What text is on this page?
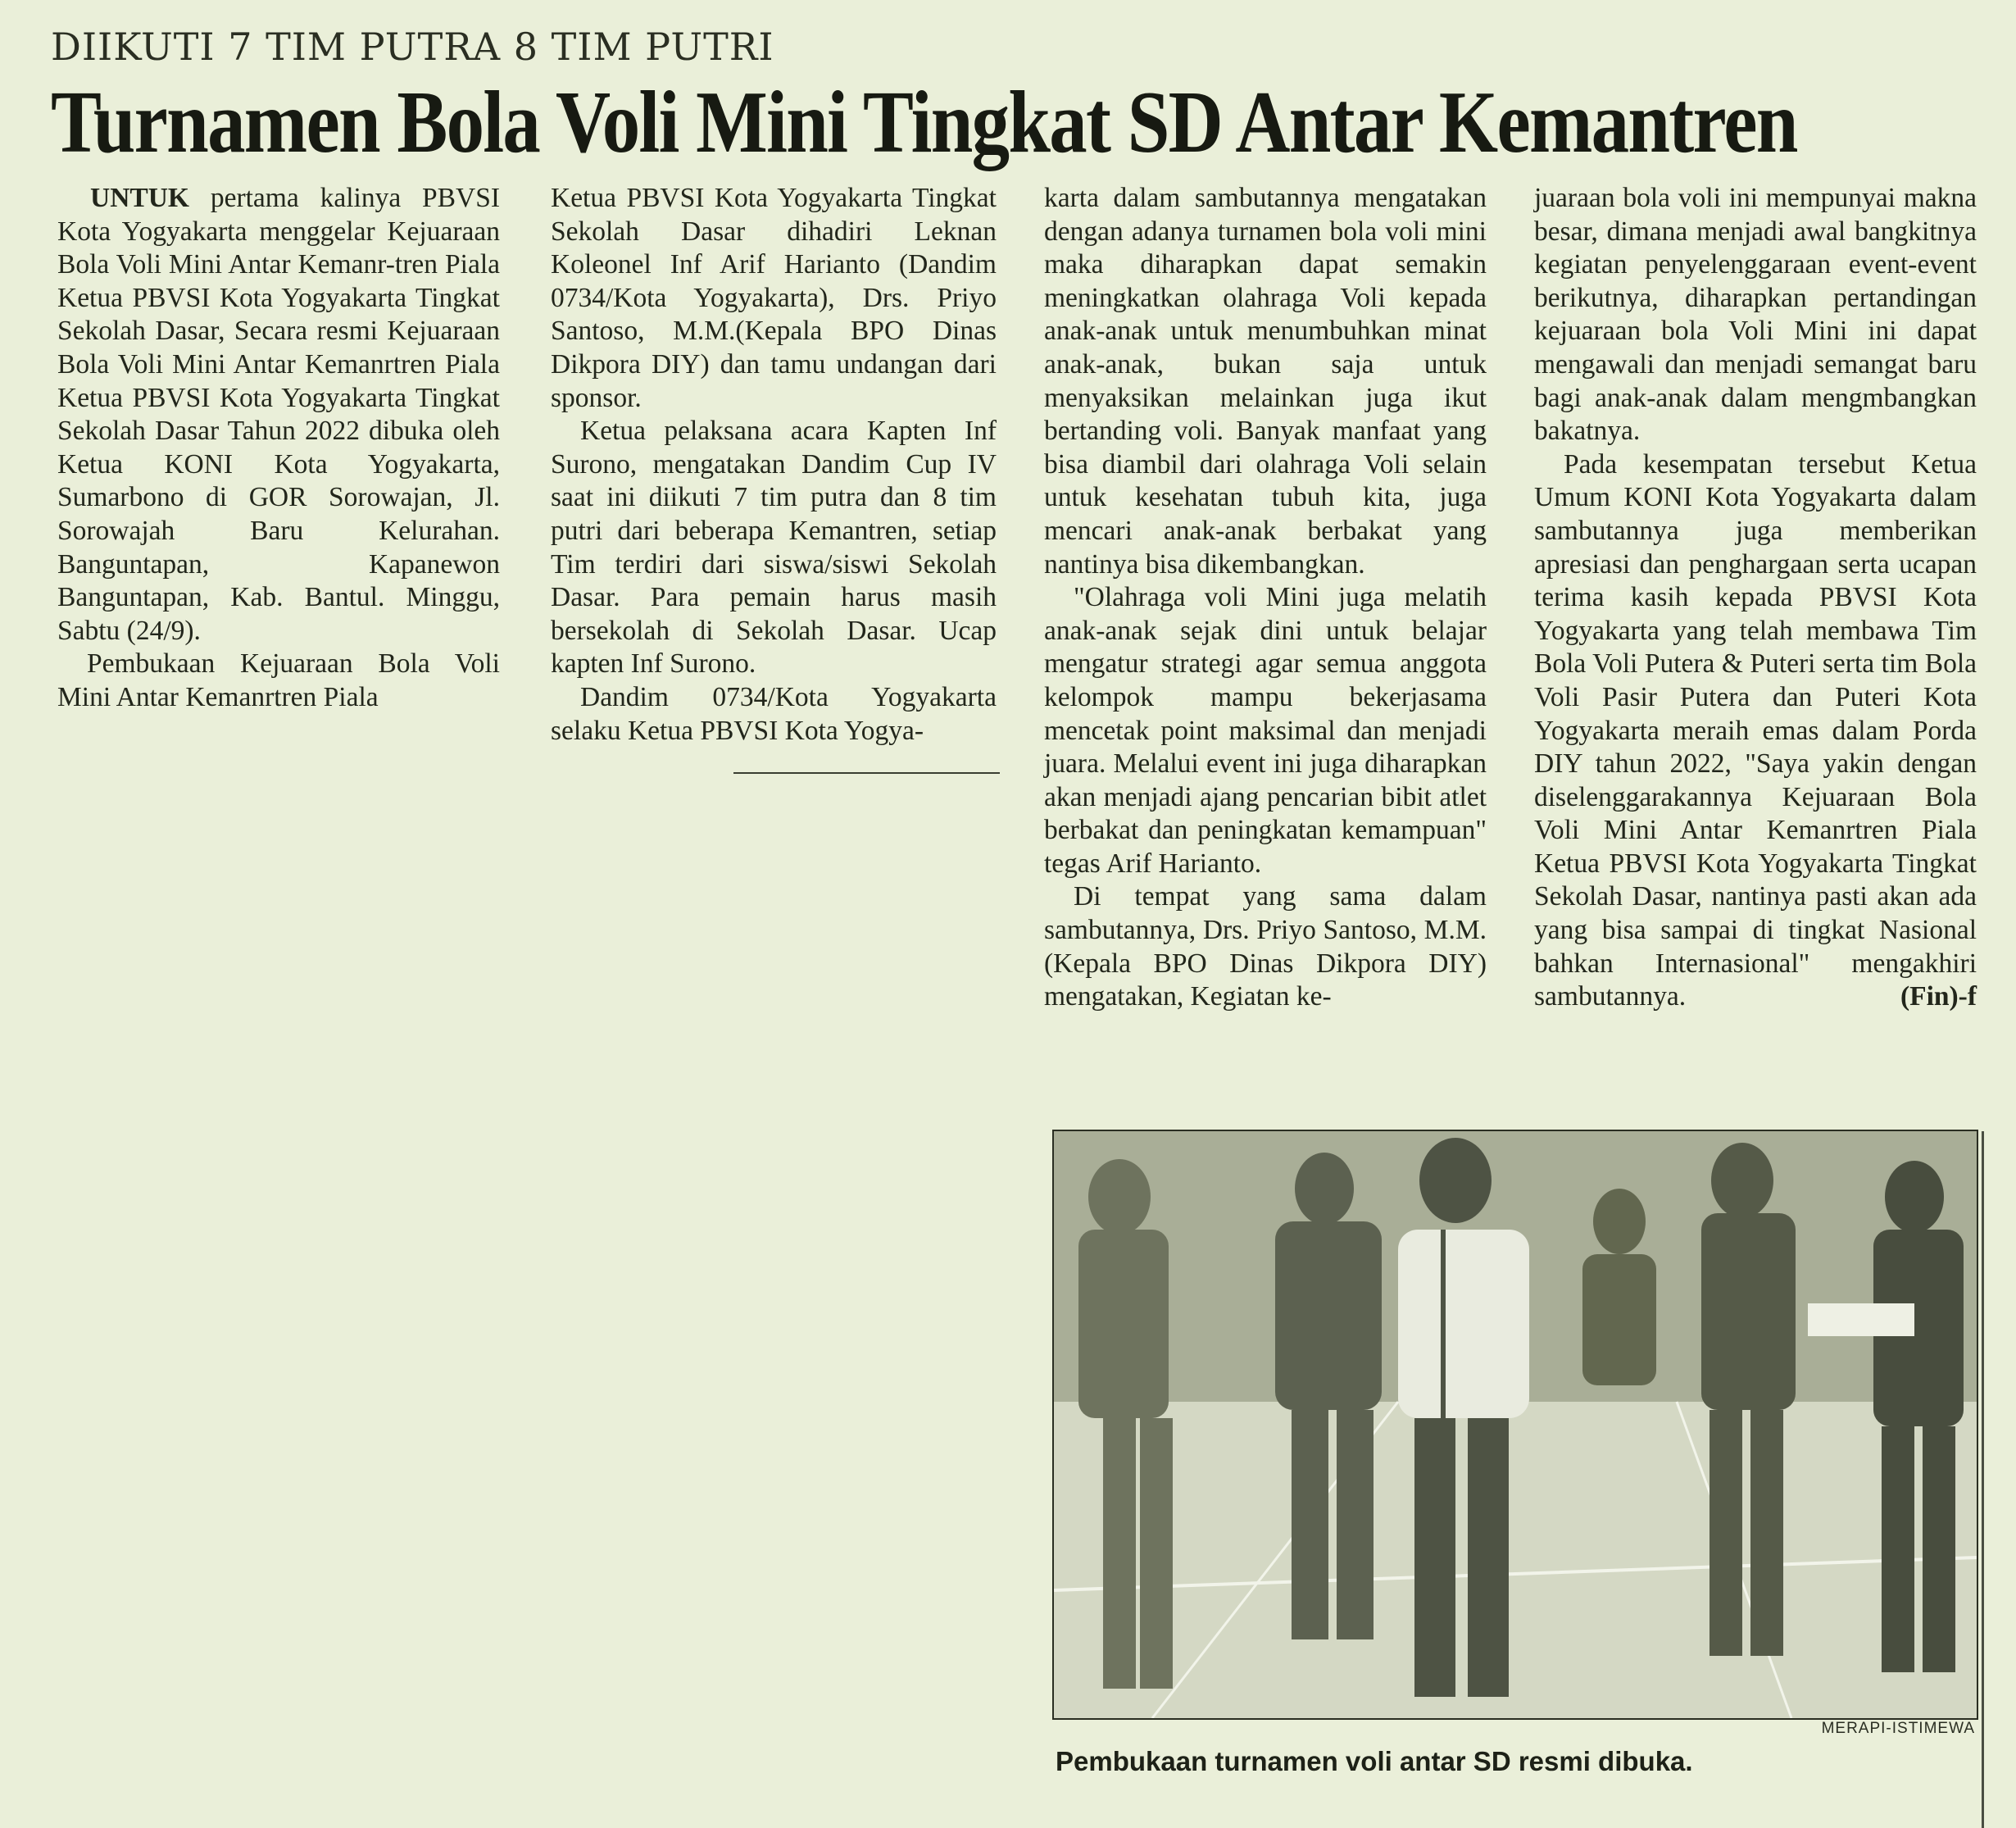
DIIKUTI 7 TIM PUTRA 8 TIM PUTRI
Turnamen Bola Voli Mini Tingkat SD Antar Kemantren

UNTUK pertama kalinya PBVSI Kota Yogyakarta menggelar Kejuaraan Bola Voli Mini Antar Kemanr-tren Piala Ketua PBVSI Kota Yogyakarta Tingkat Sekolah Dasar, Secara resmi Kejuaraan Bola Voli Mini Antar Kemanrtren Piala Ketua PBVSI Kota Yogyakarta Tingkat Sekolah Dasar Tahun 2022 dibuka oleh Ketua KONI Kota Yogyakarta, Sumarbono di GOR Sorowajan, Jl. Sorowajah Baru Kelurahan. Banguntapan, Kapanewon Banguntapan, Kab. Bantul. Minggu, Sabtu (24/9).

Pembukaan Kejuaraan Bola Voli Mini Antar Kemanrtren Piala

Ketua PBVSI Kota Yogyakarta Tingkat Sekolah Dasar dihadiri Leknan Koleonel Inf Arif Harianto (Dandim 0734/Kota Yogyakarta), Drs. Priyo Santoso, M.M.(Kepala BPO Dinas Dikpora DIY) dan tamu undangan dari sponsor.

Ketua pelaksana acara Kapten Inf Surono, mengatakan Dandim Cup IV saat ini diikuti 7 tim putra dan 8 tim putri dari beberapa Kemantren, setiap Tim terdiri dari siswa/siswi Sekolah Dasar. Para pemain harus masih bersekolah di Sekolah Dasar. Ucap kapten Inf Surono.

Dandim 0734/Kota Yogyakarta selaku Ketua PBVSI Kota Yogya-

karta dalam sambutannya mengatakan dengan adanya turnamen bola voli mini maka diharapkan dapat semakin meningkatkan olahraga Voli kepada anak-anak untuk menumbuhkan minat anak-anak, bukan saja untuk menyaksikan melainkan juga ikut bertanding voli. Banyak manfaat yang bisa diambil dari olahraga Voli selain untuk kesehatan tubuh kita, juga mencari anak-anak berbakat yang nantinya bisa dikembangkan.

"Olahraga voli Mini juga melatih anak-anak sejak dini untuk belajar mengatur strategi agar semua anggota kelompok mampu bekerjasama mencetak point maksimal dan menjadi juara. Melalui event ini juga diharapkan akan menjadi ajang pencarian bibit atlet berbakat dan peningkatan kemampuan" tegas Arif Harianto.

Di tempat yang sama dalam sambutannya, Drs. Priyo Santoso, M.M.(Kepala BPO Dinas Dikpora DIY) mengatakan, Kegiatan ke-

juaraan bola voli ini mempunyai makna besar, dimana menjadi awal bangkitnya kegiatan penyelenggaraan event-event berikutnya, diharapkan pertandingan kejuaraan bola Voli Mini ini dapat mengawali dan menjadi semangat baru bagi anak-anak dalam mengmbangkan bakatnya.

Pada kesempatan tersebut Ketua Umum KONI Kota Yogyakarta dalam sambutannya juga memberikan apresiasi dan penghargaan serta ucapan terima kasih kepada PBVSI Kota Yogyakarta yang telah membawa Tim Bola Voli Putera & Puteri serta tim Bola Voli Pasir Putera dan Puteri Kota Yogyakarta meraih emas dalam Porda DIY tahun 2022, "Saya yakin dengan diselenggarakannya Kejuaraan Bola Voli Mini Antar Kemanrtren Piala Ketua PBVSI Kota Yogyakarta Tingkat Sekolah Dasar, nantinya pasti akan ada yang bisa sampai di tingkat Nasional bahkan Internasional" mengakhiri sambutannya.	(Fin)-f

MERAPI-ISTIMEWA
Pembukaan turnamen voli antar SD resmi dibuka.
